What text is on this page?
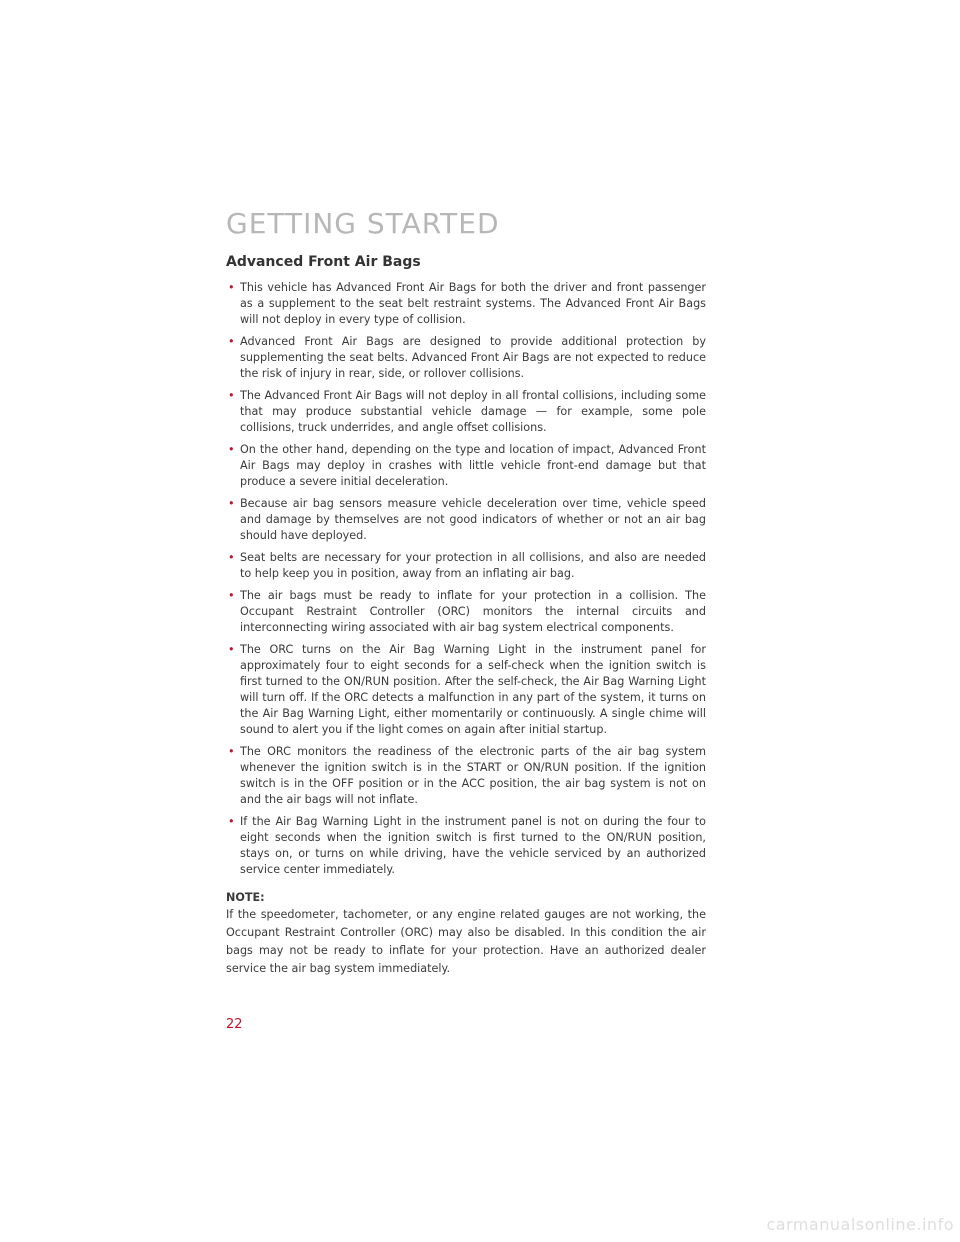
GETTING STARTED
Advanced Front Air Bags
• This vehicle has Advanced Front Air Bags for both the driver and front passenger as a supplement to the seat belt restraint systems. The Advanced Front Air Bags will not deploy in every type of collision.
• Advanced Front Air Bags are designed to provide additional protection by supplementing the seat belts. Advanced Front Air Bags are not expected to reduce the risk of injury in rear, side, or rollover collisions.
• The Advanced Front Air Bags will not deploy in all frontal collisions, including some that may produce substantial vehicle damage — for example, some pole collisions, truck underrides, and angle offset collisions.
• On the other hand, depending on the type and location of impact, Advanced Front Air Bags may deploy in crashes with little vehicle front-end damage but that produce a severe initial deceleration.
• Because air bag sensors measure vehicle deceleration over time, vehicle speed and damage by themselves are not good indicators of whether or not an air bag should have deployed.
• Seat belts are necessary for your protection in all collisions, and also are needed to help keep you in position, away from an inflating air bag.
• The air bags must be ready to inflate for your protection in a collision. The Occupant Restraint Controller (ORC) monitors the internal circuits and interconnecting wiring associated with air bag system electrical components.
• The ORC turns on the Air Bag Warning Light in the instrument panel for approximately four to eight seconds for a self-check when the ignition switch is first turned to the ON/RUN position. After the self-check, the Air Bag Warning Light will turn off. If the ORC detects a malfunction in any part of the system, it turns on the Air Bag Warning Light, either momentarily or continuously. A single chime will sound to alert you if the light comes on again after initial startup.
• The ORC monitors the readiness of the electronic parts of the air bag system whenever the ignition switch is in the START or ON/RUN position. If the ignition switch is in the OFF position or in the ACC position, the air bag system is not on and the air bags will not inflate.
• If the Air Bag Warning Light in the instrument panel is not on during the four to eight seconds when the ignition switch is first turned to the ON/RUN position, stays on, or turns on while driving, have the vehicle serviced by an authorized service center immediately.
NOTE:
If the speedometer, tachometer, or any engine related gauges are not working, the Occupant Restraint Controller (ORC) may also be disabled. In this condition the air bags may not be ready to inflate for your protection. Have an authorized dealer service the air bag system immediately.
22
carmanualsonline.info
